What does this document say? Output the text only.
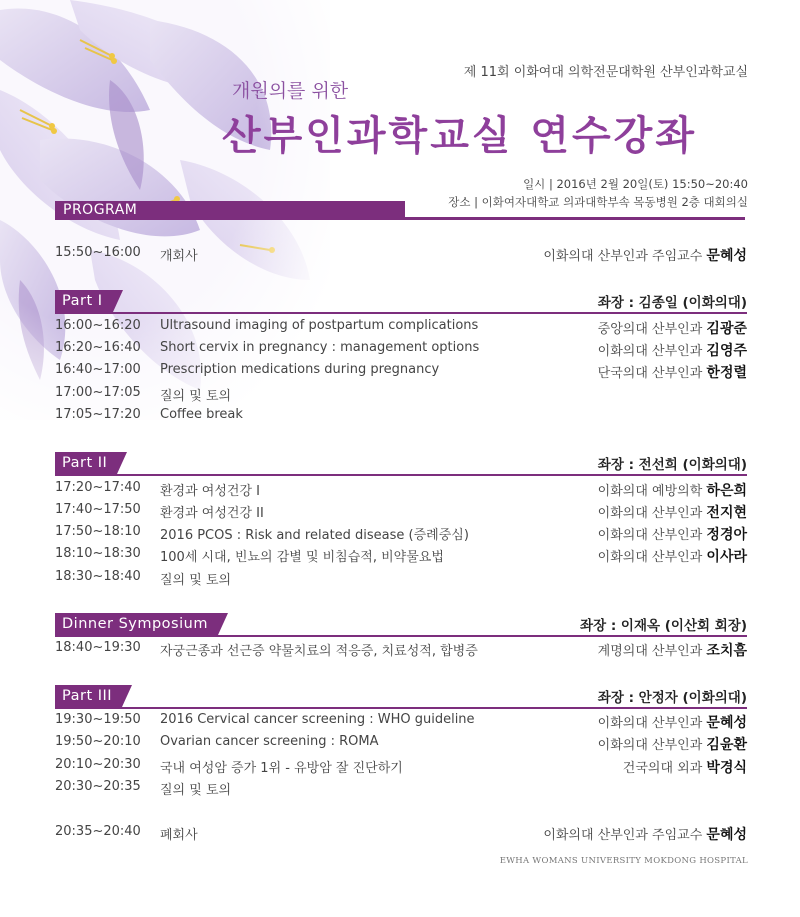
제 11회 이화여대 의학전문대학원 산부인과학교실
개원의를 위한
산부인과학교실 연수강좌
일시 | 2016년 2월 20일(토) 15:50~20:40
장소 | 이화여자대학교 의과대학부속 목동병원 2층 대회의실
PROGRAM
15:50~16:00 개회사	이화의대 산부인과 주임교수 문혜성
Part I	좌장 : 김종일 (이화의대)
16:00~16:20 Ultrasound imaging of postpartum complications	중앙의대 산부인과 김광준
16:20~16:40 Short cervix in pregnancy : management options	이화의대 산부인과 김영주
16:40~17:00 Prescription medications during pregnancy	단국의대 산부인과 한정렬
17:00~17:05 질의 및 토의
17:05~17:20 Coffee break
Part II	좌장 : 전선희 (이화의대)
17:20~17:40 환경과 여성건강 I	이화의대 예방의학 하은희
17:40~17:50 환경과 여성건강 II	이화의대 산부인과 전지현
17:50~18:10 2016 PCOS : Risk and related disease (증례중심)	이화의대 산부인과 정경아
18:10~18:30 100세 시대, 빈뇨의 감별 및 비침습적, 비약물요법	이화의대 산부인과 이사라
18:30~18:40 질의 및 토의
Dinner Symposium	좌장 : 이재옥 (이산회 회장)
18:40~19:30 자궁근종과 선근증 약물치료의 적응증, 치료성적, 합병증	계명의대 산부인과 조치흠
Part III	좌장 : 안정자 (이화의대)
19:30~19:50 2016 Cervical cancer screening : WHO guideline	이화의대 산부인과 문혜성
19:50~20:10 Ovarian cancer screening : ROMA	이화의대 산부인과 김윤환
20:10~20:30 국내 여성암 증가 1위 - 유방암 잘 진단하기	건국의대 외과 박경식
20:30~20:35 질의 및 토의
20:35~20:40 폐회사	이화의대 산부인과 주임교수 문혜성
EWHA WOMANS UNIVERSITY MOKDONG HOSPITAL
